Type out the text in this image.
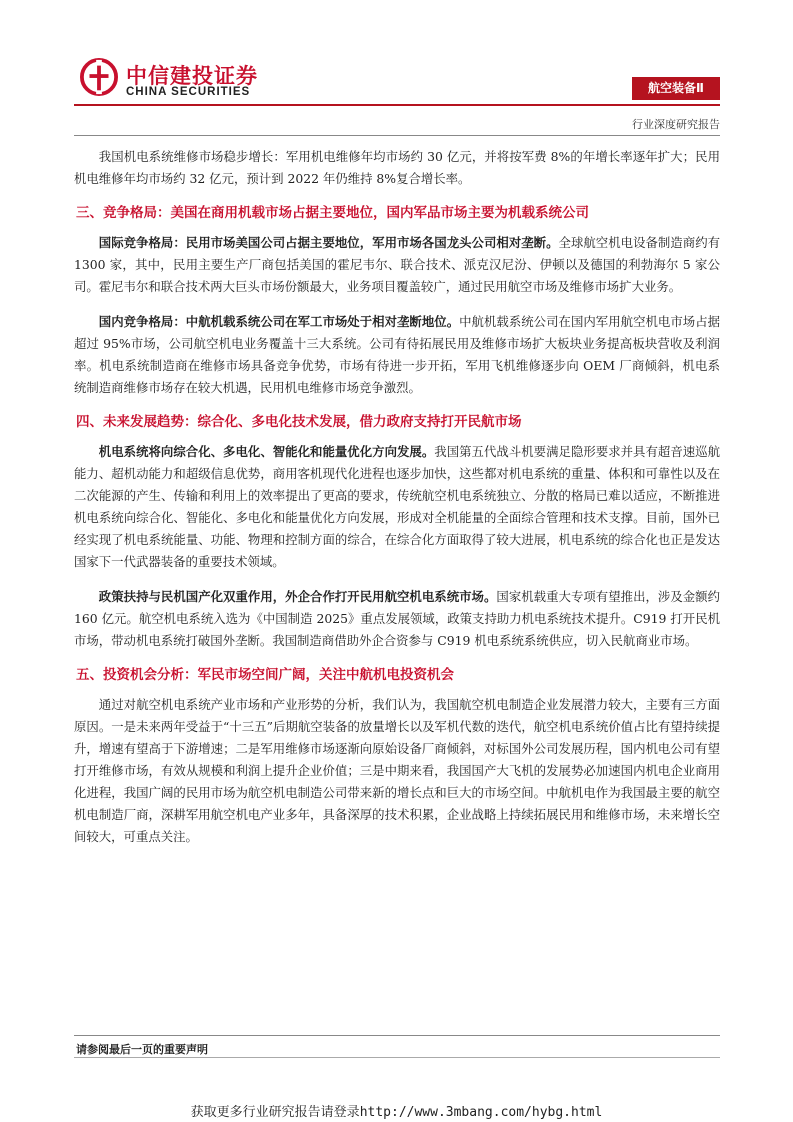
中信建投证券
CHINA SECURITIES	航空装备Ⅱ
行业深度研究报告

我国机电系统维修市场稳步增长：军用机电维修年均市场约 30 亿元，并将按军费 8%的年增长率逐年扩大；民用机电维修年均市场约 32 亿元，预计到 2022 年仍维持 8%复合增长率。

三、竞争格局：美国在商用机载市场占据主要地位，国内军品市场主要为机载系统公司

国际竞争格局：民用市场美国公司占据主要地位，军用市场各国龙头公司相对垄断。全球航空机电设备制造商约有 1300 家，其中，民用主要生产厂商包括美国的霍尼韦尔、联合技术、派克汉尼汾、伊顿以及德国的利勃海尔 5 家公司。霍尼韦尔和联合技术两大巨头市场份额最大，业务项目覆盖较广，通过民用航空市场及维修市场扩大业务。

国内竞争格局：中航机载系统公司在军工市场处于相对垄断地位。中航机载系统公司在国内军用航空机电市场占据超过 95%市场，公司航空机电业务覆盖十三大系统。公司有待拓展民用及维修市场扩大板块业务提高板块营收及利润率。机电系统制造商在维修市场具备竞争优势，市场有待进一步开拓，军用飞机维修逐步向 OEM 厂商倾斜，机电系统制造商维修市场存在较大机遇，民用机电维修市场竞争激烈。

四、未来发展趋势：综合化、多电化技术发展，借力政府支持打开民航市场

机电系统将向综合化、多电化、智能化和能量优化方向发展。我国第五代战斗机要满足隐形要求并具有超音速巡航能力、超机动能力和超级信息优势，商用客机现代化进程也逐步加快，这些都对机电系统的重量、体积和可靠性以及在二次能源的产生、传输和利用上的效率提出了更高的要求，传统航空机电系统独立、分散的格局已难以适应，不断推进机电系统向综合化、智能化、多电化和能量优化方向发展，形成对全机能量的全面综合管理和技术支撑。目前，国外已经实现了机电系统能量、功能、物理和控制方面的综合，在综合化方面取得了较大进展，机电系统的综合化也正是发达国家下一代武器装备的重要技术领域。

政策扶持与民机国产化双重作用，外企合作打开民用航空机电系统市场。国家机载重大专项有望推出，涉及金额约 160 亿元。航空机电系统入选为《中国制造 2025》重点发展领域，政策支持助力机电系统技术提升。C919 打开民机市场，带动机电系统打破国外垄断。我国制造商借助外企合资参与 C919 机电系统系统供应，切入民航商业市场。

五、投资机会分析：军民市场空间广阔，关注中航机电投资机会

通过对航空机电系统产业市场和产业形势的分析，我们认为，我国航空机电制造企业发展潜力较大，主要有三方面原因。一是未来两年受益于“十三五”后期航空装备的放量增长以及军机代数的迭代，航空机电系统价值占比有望持续提升，增速有望高于下游增速；二是军用维修市场逐渐向原始设备厂商倾斜，对标国外公司发展历程，国内机电公司有望打开维修市场，有效从规模和利润上提升企业价值；三是中期来看，我国国产大飞机的发展势必加速国内机电企业商用化进程，我国广阔的民用市场为航空机电制造公司带来新的增长点和巨大的市场空间。中航机电作为我国最主要的航空机电制造厂商，深耕军用航空机电产业多年，具备深厚的技术积累，企业战略上持续拓展民用和维修市场，未来增长空间较大，可重点关注。

请参阅最后一页的重要声明
获取更多行业研究报告请登录http://www.3mbang.com/hybg.html
